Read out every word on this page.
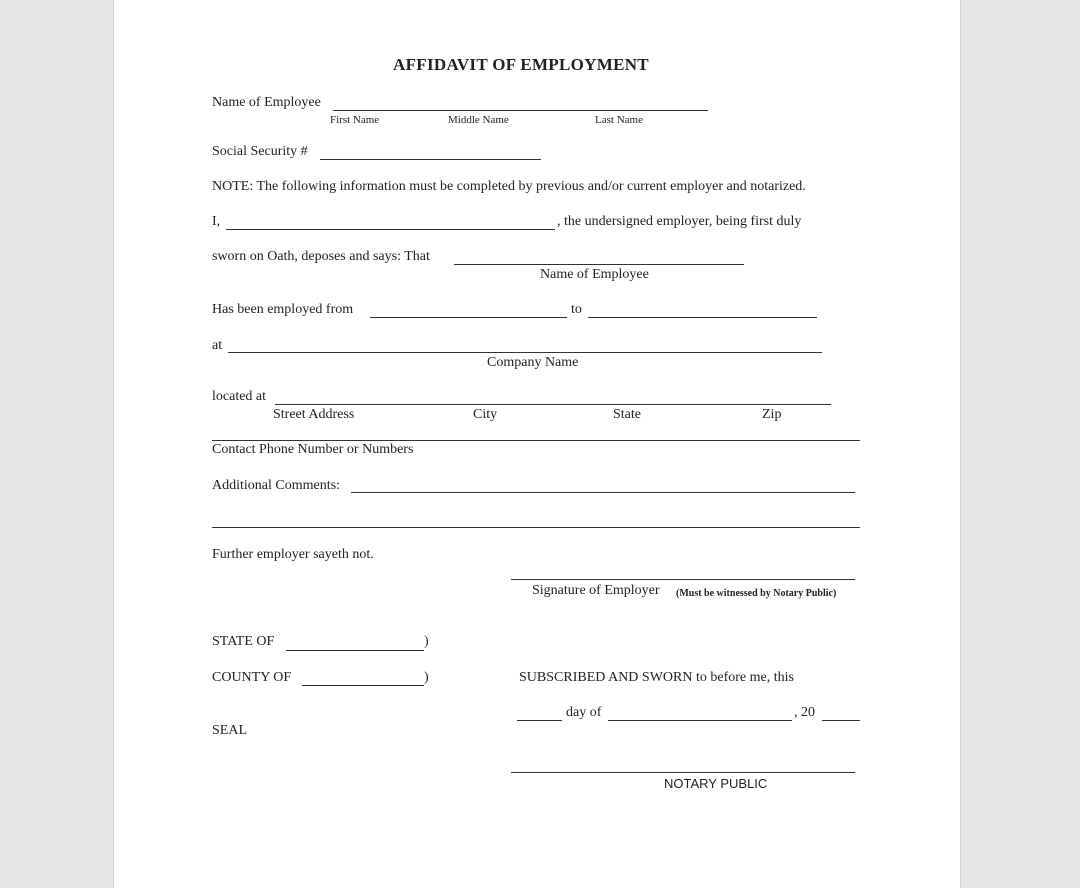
AFFIDAVIT OF EMPLOYMENT
Name of Employee
First Name	Middle Name	Last Name
Social Security #
NOTE: The following information must be completed by previous and/or current employer and notarized.
I,	, the undersigned employer, being first duly
sworn on Oath, deposes and says: That
Name of Employee
Has been employed from	to
at
Company Name
located at
Street Address	City	State	Zip
Contact Phone Number or Numbers
Additional Comments:
Further employer sayeth not.
Signature of Employer (Must be witnessed by Notary Public)
STATE OF	)
COUNTY OF	)	SUBSCRIBED AND SWORN to before me, this
day of	, 20
SEAL
NOTARY PUBLIC
